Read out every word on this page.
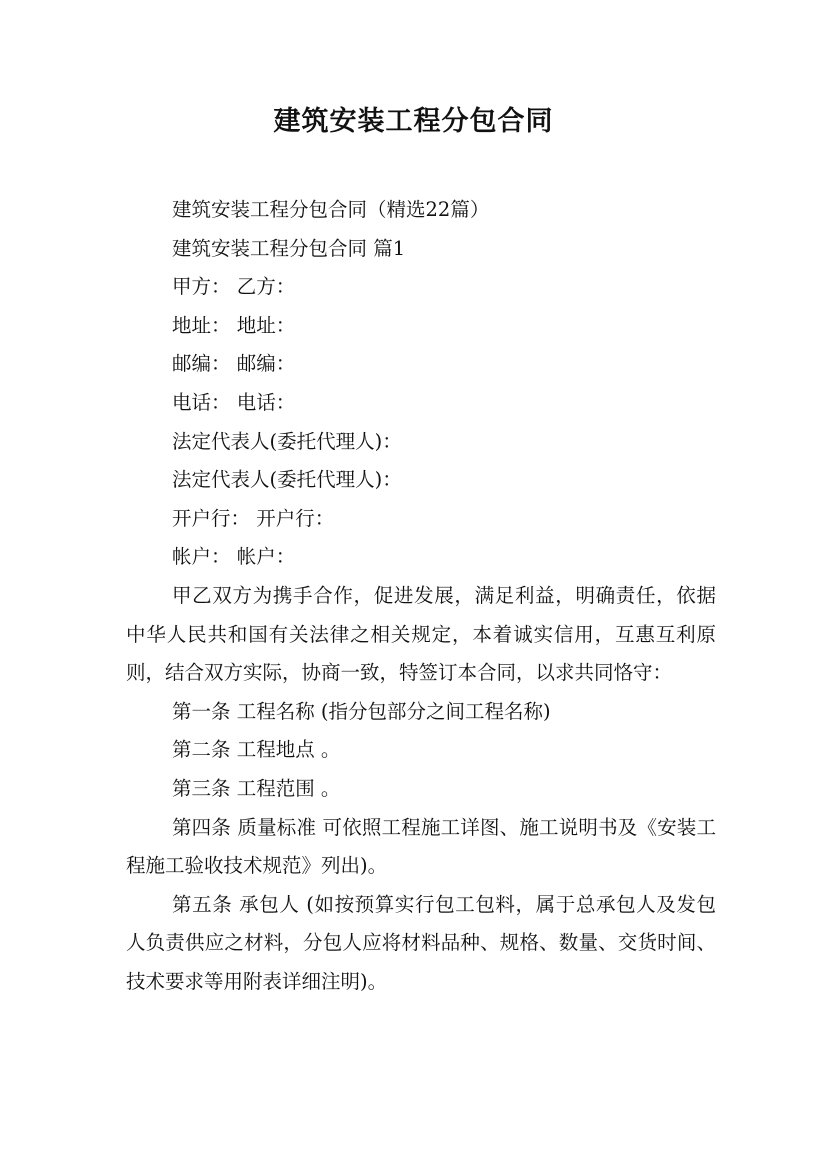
建筑安装工程分包合同
建筑安装工程分包合同（精选22篇）
建筑安装工程分包合同 篇1
甲方： 乙方：
地址： 地址：
邮编： 邮编：
电话： 电话：
法定代表人(委托代理人)：
法定代表人(委托代理人)：
开户行： 开户行：
帐户： 帐户：

甲乙双方为携手合作，促进发展，满足利益，明确责任，依据中华人民共和国有关法律之相关规定，本着诚实信用，互惠互利原则，结合双方实际，协商一致，特签订本合同，以求共同恪守：

第一条 工程名称 (指分包部分之间工程名称)
第二条 工程地点 。
第三条 工程范围 。

第四条 质量标准 可依照工程施工详图、施工说明书及《安装工程施工验收技术规范》列出)。

第五条 承包人 (如按预算实行包工包料，属于总承包人及发包人负责供应之材料，分包人应将材料品种、规格、数量、交货时间、技术要求等用附表详细注明)。
